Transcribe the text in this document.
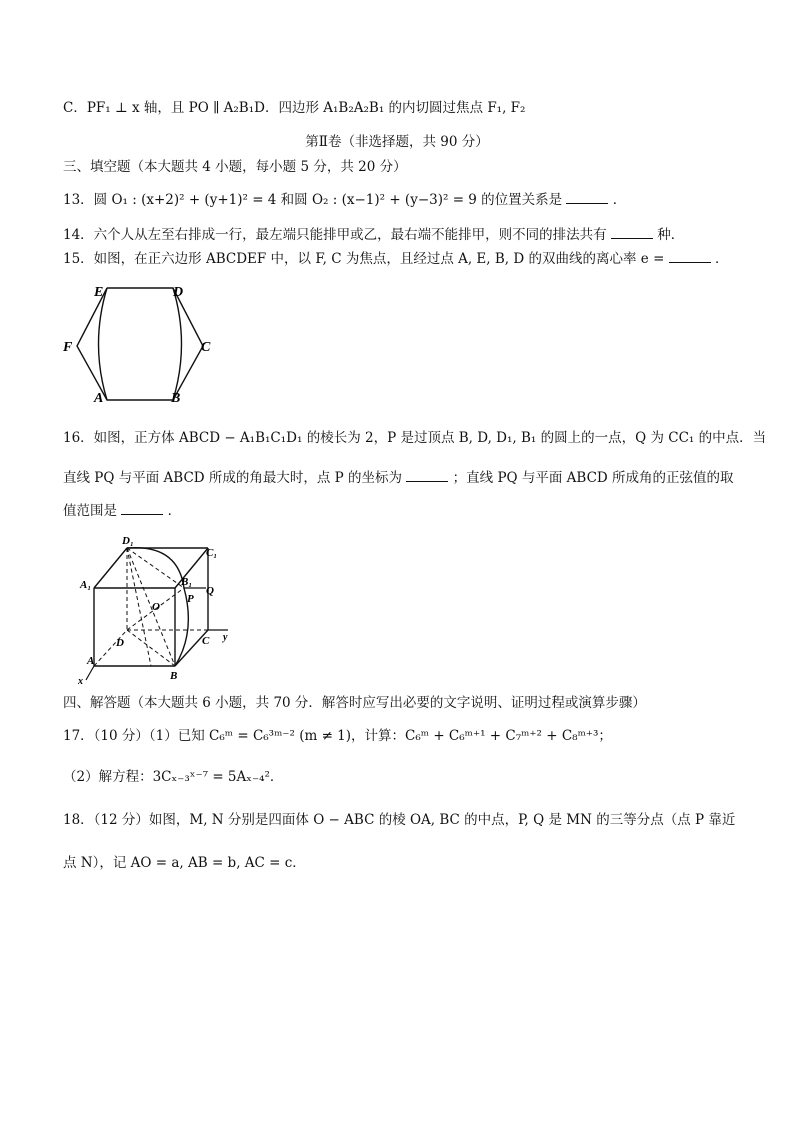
C．PF₁ ⊥ x 轴，且 PO ∥ A₂B₁D．四边形 A₁B₂A₂B₁ 的内切圆过焦点 F₁, F₂
第Ⅱ卷（非选择题，共 90 分）
三、填空题（本大题共 4 小题，每小题 5 分，共 20 分）
13．圆 O₁ : (x+2)² + (y+1)² = 4 和圆 O₂ : (x−1)² + (y−3)² = 9 的位置关系是	．
14．六个人从左至右排成一行，最左端只能排甲或乙，最右端不能排甲，则不同的排法共有	种．
15．如图，在正六边形 ABCDEF 中，以 F, C 为焦点，且经过点 A, E, B, D 的双曲线的离心率 e =	．
E	D
F	C
A	B
16．如图，正方体 ABCD − A₁B₁C₁D₁ 的棱长为 2，P 是过顶点 B, D, D₁, B₁ 的圆上的一点，Q 为 CC₁ 的中点．当
直线 PQ 与平面 ABCD 所成的角最大时，点 P 的坐标为	；直线 PQ 与平面 ABCD 所成角的正弦值的取
值范围是	．
D₁
C₁
A₁	B₁
P
Q
O
D	C
A
B
x
y
四、解答题（本大题共 6 小题，共 70 分．解答时应写出必要的文字说明、证明过程或演算步骤）
17．（10 分）（1）已知 C₆ᵐ = C₆³ᵐ⁻² (m ≠ 1)，计算：C₆ᵐ + C₆ᵐ⁺¹ + C₇ᵐ⁺² + C₈ᵐ⁺³；
（2）解方程：3Cₓ₋₃ˣ⁻⁷ = 5Aₓ₋₄²．
18．（12 分）如图，M, N 分别是四面体 O − ABC 的棱 OA, BC 的中点，P, Q 是 MN 的三等分点（点 P 靠近
点 N），记 AO = a, AB = b, AC = c．
